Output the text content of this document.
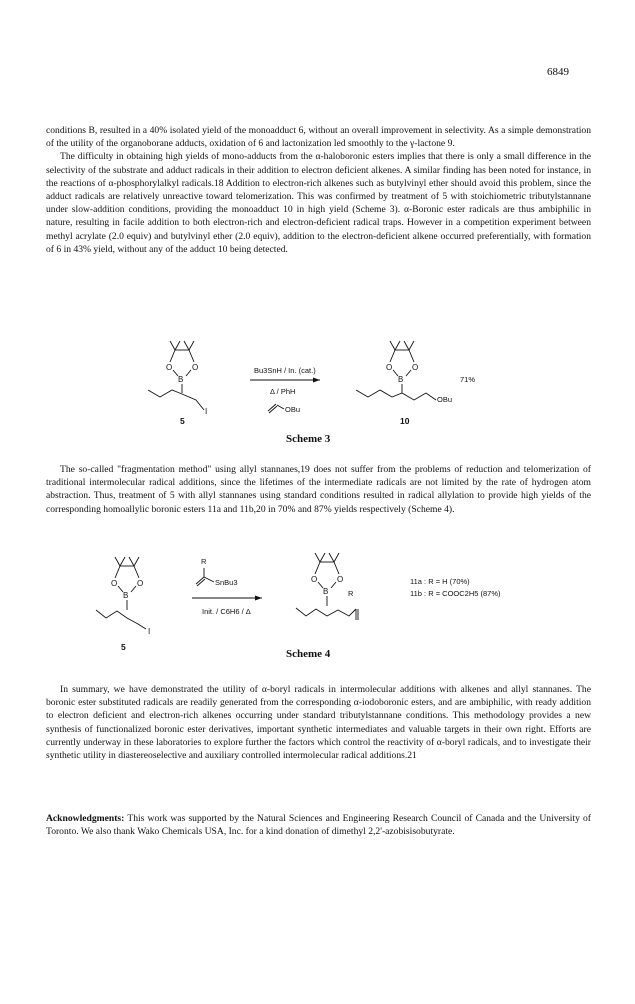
6849
conditions B, resulted in a 40% isolated yield of the monoadduct 6, without an overall improvement in selectivity. As a simple demonstration of the utility of the organoborane adducts, oxidation of 6 and lactonization led smoothly to the γ-lactone 9.
The difficulty in obtaining high yields of mono-adducts from the α-haloboronic esters implies that there is only a small difference in the selectivity of the substrate and adduct radicals in their addition to electron deficient alkenes. A similar finding has been noted for instance, in the reactions of α-phosphorylalkyl radicals.18 Addition to electron-rich alkenes such as butylvinyl ether should avoid this problem, since the adduct radicals are relatively unreactive toward telomerization. This was confirmed by treatment of 5 with stoichiometric tributylstannane under slow-addition conditions, providing the monoadduct 10 in high yield (Scheme 3). α-Boronic ester radicals are thus ambiphilic in nature, resulting in facile addition to both electron-rich and electron-deficient radical traps. However in a competition experiment between methyl acrylate (2.0 equiv) and butylvinyl ether (2.0 equiv), addition to the electron-deficient alkene occurred preferentially, with formation of 6 in 43% yield, without any of the adduct 10 being detected.
O O
B
I
5
Bu3SnH / In. (cat.)
Δ / PhH
OBu
O O
B
OBu
71%
10
Scheme 3
The so-called "fragmentation method" using allyl stannanes,19 does not suffer from the problems of reduction and telomerization of traditional intermolecular radical additions, since the lifetimes of the intermediate radicals are not limited by the rate of hydrogen atom abstraction. Thus, treatment of 5 with allyl stannanes using standard conditions resulted in radical allylation to provide high yields of the corresponding homoallylic boronic esters 11a and 11b,20 in 70% and 87% yields respectively (Scheme 4).
O O
B
I
5
R
SnBu3
Init. / C6H6 / Δ
O O
B	R
11a : R = H (70%)
11b : R = COOC2H5 (87%)
Scheme 4
In summary, we have demonstrated the utility of α-boryl radicals in intermolecular additions with alkenes and allyl stannanes. The boronic ester substituted radicals are readily generated from the corresponding α-iodoboronic esters, and are ambiphilic, with ready addition to electron deficient and electron-rich alkenes occurring under standard tributylstannane conditions. This methodology provides a new synthesis of functionalized boronic ester derivatives, important synthetic intermediates and valuable targets in their own right. Efforts are currently underway in these laboratories to explore further the factors which control the reactivity of α-boryl radicals, and to investigate their synthetic utility in diastereoselective and auxiliary controlled intermolecular radical additions.21
Acknowledgments: This work was supported by the Natural Sciences and Engineering Research Council of Canada and the University of Toronto. We also thank Wako Chemicals USA, Inc. for a kind donation of dimethyl 2,2'-azobisisobutyrate.
